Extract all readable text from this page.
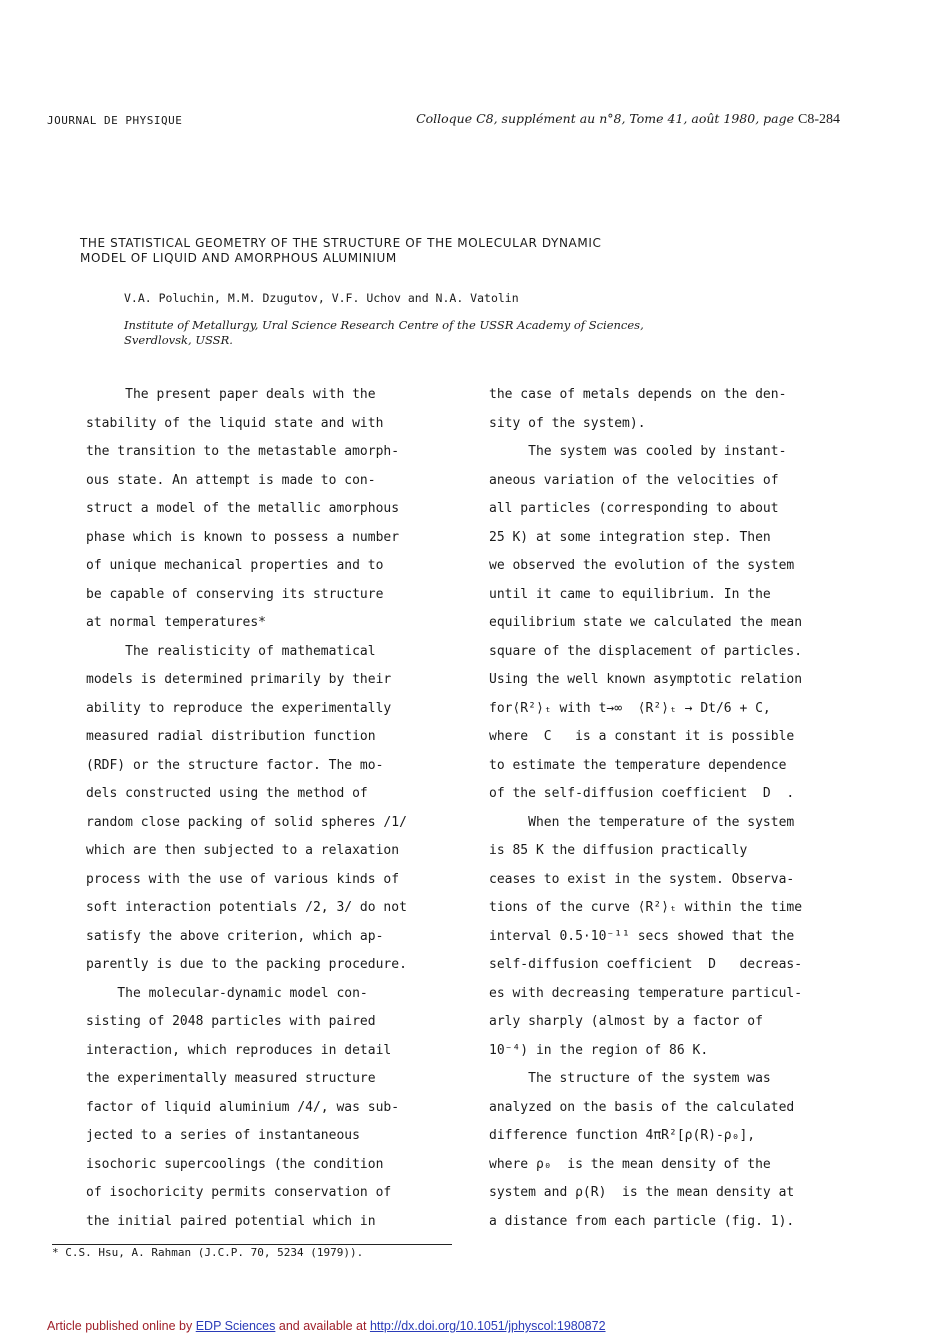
JOURNAL DE PHYSIQUE	Colloque C8, supplément au n°8, Tome 41, août 1980, page C8-284
THE STATISTICAL GEOMETRY OF THE STRUCTURE OF THE MOLECULAR DYNAMIC
MODEL OF LIQUID AND AMORPHOUS ALUMINIUM
V.A. Poluchin, M.M. Dzugutov, V.F. Uchov and N.A. Vatolin
Institute of Metallurgy, Ural Science Research Centre of the USSR Academy of Sciences,
Sverdlovsk, USSR.

The present paper deals with the

stability of the liquid state and with

the transition to the metastable amorph-

ous state. An attempt is made to con-

struct a model of the metallic amorphous

phase which is known to possess a number

of unique mechanical properties and to

be capable of conserving its structure

at normal temperatures*

The realisticity of mathematical

models is determined primarily by their

ability to reproduce the experimentally

measured radial distribution function

(RDF) or the structure factor. The mo-

dels constructed using the method of

random close packing of solid spheres /1/

which are then subjected to a relaxation

process with the use of various kinds of

soft interaction potentials /2, 3/ do not

satisfy the above criterion, which ap-

parently is due to the packing procedure.

The molecular-dynamic model con-

sisting of 2048 particles with paired

interaction, which reproduces in detail

the experimentally measured structure

factor of liquid aluminium /4/, was sub-

jected to a series of instantaneous

isochoric supercoolings (the condition

of isochoricity permits conservation of

the initial paired potential which in

the case of metals depends on the den-

sity of the system).

The system was cooled by instant-

aneous variation of the velocities of

all particles (corresponding to about

25 K) at some integration step. Then

we observed the evolution of the system

until it came to equilibrium. In the

equilibrium state we calculated the mean

square of the displacement of particles.

Using the well known asymptotic relation

for⟨R²⟩ₜ with t→∞  ⟨R²⟩ₜ → Dt/6 + C,

where  C   is a constant it is possible

to estimate the temperature dependence

of the self-diffusion coefficient  D  .

When the temperature of the system

is 85 K the diffusion practically

ceases to exist in the system. Observa-

tions of the curve ⟨R²⟩ₜ within the time

interval 0.5·10⁻¹¹ secs showed that the

self-diffusion coefficient  D   decreas-

es with decreasing temperature particul-

arly sharply (almost by a factor of

10⁻⁴) in the region of 86 K.

The structure of the system was

analyzed on the basis of the calculated

difference function 4πR²[ρ(R)-ρ₀],

where ρ₀  is the mean density of the

system and ρ(R)  is the mean density at

a distance from each particle (fig. 1).

* C.S. Hsu, A. Rahman (J.C.P. 70, 5234 (1979)).
Article published online by EDP Sciences and available at http://dx.doi.org/10.1051/jphyscol:1980872
